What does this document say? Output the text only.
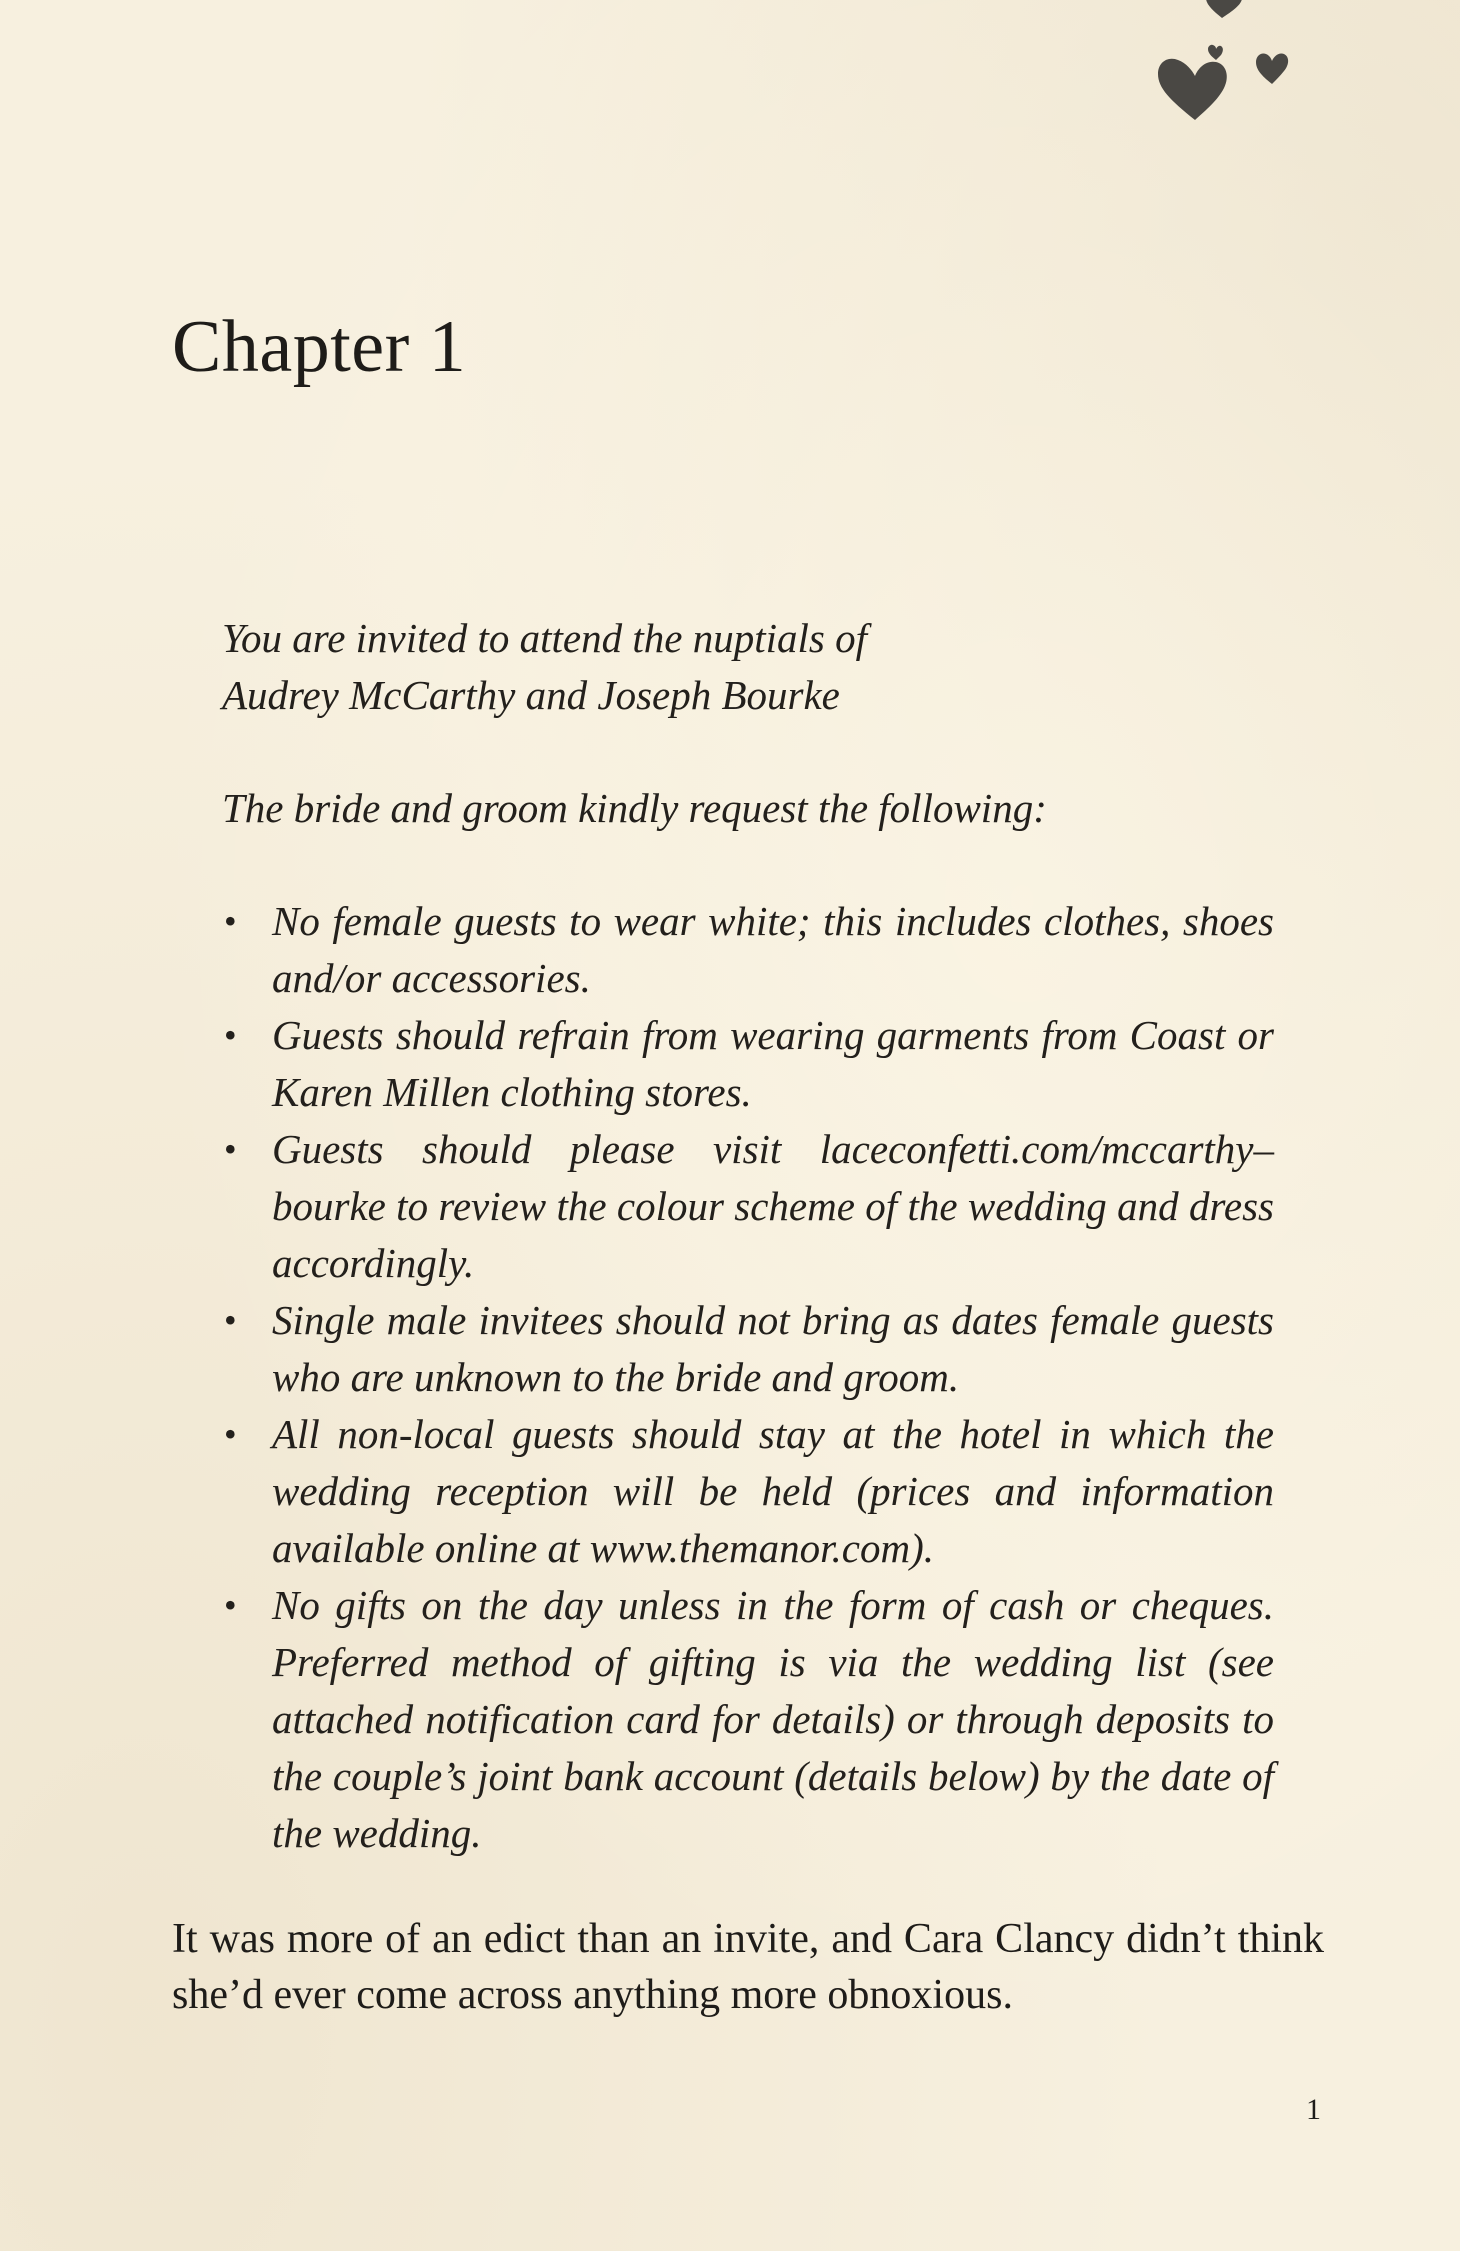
Chapter 1

You are invited to attend the nuptials of

Audrey McCarthy and Joseph Bourke

The bride and groom kindly request the following:

• No female guests to wear white; this includes clothes, shoes and/or accessories.
• Guests should refrain from wearing garments from Coast or Karen Millen clothing stores.
• Guests should please visit laceconfetti.com/mccarthy–bourke to review the colour scheme of the wedding and dress accordingly.
• Single male invitees should not bring as dates female guests who are unknown to the bride and groom.
• All non-local guests should stay at the hotel in which the wedding reception will be held (prices and information available online at www.themanor.com).
• No gifts on the day unless in the form of cash or cheques. Preferred method of gifting is via the wedding list (see attached notification card for details) or through deposits to the couple’s joint bank account (details below) by the date of the wedding.

It was more of an edict than an invite, and Cara Clancy didn’t think she’d ever come across anything more obnoxious.

1
